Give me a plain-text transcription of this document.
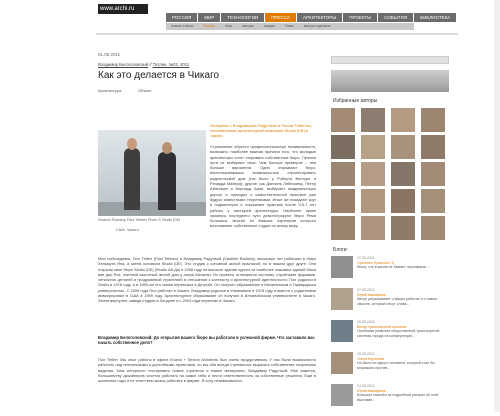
www.archi.ru
РОССИЯ	МИР	ТЕХНОЛОГИИ	ПРЕССА	АРХИТЕКТОРЫ	ПРОЕКТЫ	СОБЫТИЯ	БИБЛИОТЕКА
новые статьи	Россия	Мир	авторы	медиа	Темы	выпуск журнала
01.06.2011
Владимир Белоголовский // Татлин, №02, 2011
Как это делается в Чикаго
Архитектура	Объект
Интервью с Владимиром Радутным и Полом Тебеном, основателями архитектурной компании Studio |DE| в Чикаго.
Vladimir Radutny, Paul Tebben Photo © Studio |DE|
США. Чикаго
Стремление обрести профессиональную независимость, возможно, наиболее важная причина того, что молодые архитекторы хотят открывать собственные бюро. Причем пути их выбирают свои. Чем больше примеров – тем больше вариантов. Одни открывают бюро, воспользовавшись возможностью спроектировать родительский дом (так было у Роберта Вентури и Ричарда Майера); другие, как Даниэль Либескинд, Петер Айзенман и Бернард Чуми, выбирают академическую дорогу и приходят к самостоятельной практике уже будучи известными теоретиками. Иные же покидают круг в подмастерья и открывают практики после 3-5-7 лет работы у пастырей архитектуры. Наиболее яркие примеры последнего пути демонстрируют бюро Рема Колхааса, многие из бывших партнеров которого возглавляют собственные студии по всему миру.
Мои собеседники, Пол Тебен (Paul Tebben) и Владимир Радутный (Vladimir Radutny) несколько лет работали в бюро Хельмута Яна, а затем основали Studio |DE|. Это студия с основной жилой практикой, но в нашем друг друге. Они открыли свое бюро Studio |DE| (Studio Ай-Ди) в 2008 году на высокое здание одного из наиболее знаковых зданий Миса ван дер Роэ, элитный высотный жилой дом у озера Мичиган. Их проекты отличаются чистыми, стройными формами, четкостью деталей и продуманной стратегией в отношении к контексту и архитектурной идентичности; Пол родился в Огайо в 1976 году, а в 1980-ом его семья переехала в Детройт. Он получил образование в Мичиганском и Гарвардском университетах. С 2005 года Пол работал в Чикаго. Владимир родился в Ульяновске в 1978 году и вместе с родителями иммигрировал в США в 1989 году. Архитектурное образование он получил в Иллинойсском университете в Чикаго. Затем вернулся, заведя студию в Лондоне и с 2003 года переехал в Чикаго.
Владимир Белоголовский: До открытия вашего бюро вы работали в успешной фирме. Что заставило вас начать собственное дело?
Пол Тебен: Мы опыт работы в офисе Krueck + Sexton Architects был очень продуктивным. У нас были возможности работать над интересными и достойными проектами, но мы оба всегда стремились выразить собственные творческие видения. Нам интересно тестировать новые стратегии и новые материалы. Владимир Радутный: Мне кажется, большинству дизайнеров хочется работать на самих себя и нести ответственность за собственные решения. Еще в школьные годы я не хотел всю жизнь работать в фирме. Я хочу независимости.
Избранные авторы
Блоги:
27.05.2011
Орхитект: Красочно 1)
Жаль, что в жизни не бывает черновиков ...
27.05.2011
Юрий Аввакумов
Автор рассказывает о ваших работах и о новом смысле, который несут слова...
26.05.2011
Вечер транспортной системы
Проблема развития общественной транспортной системы города на конференции...
25.05.2011
Ольга Корнеева
Не было ни одного человека, который стал бы возражать против...
24.05.2011
Юрий Аввакумов
Большое спасибо за подробный рассказ об этой выставке...
